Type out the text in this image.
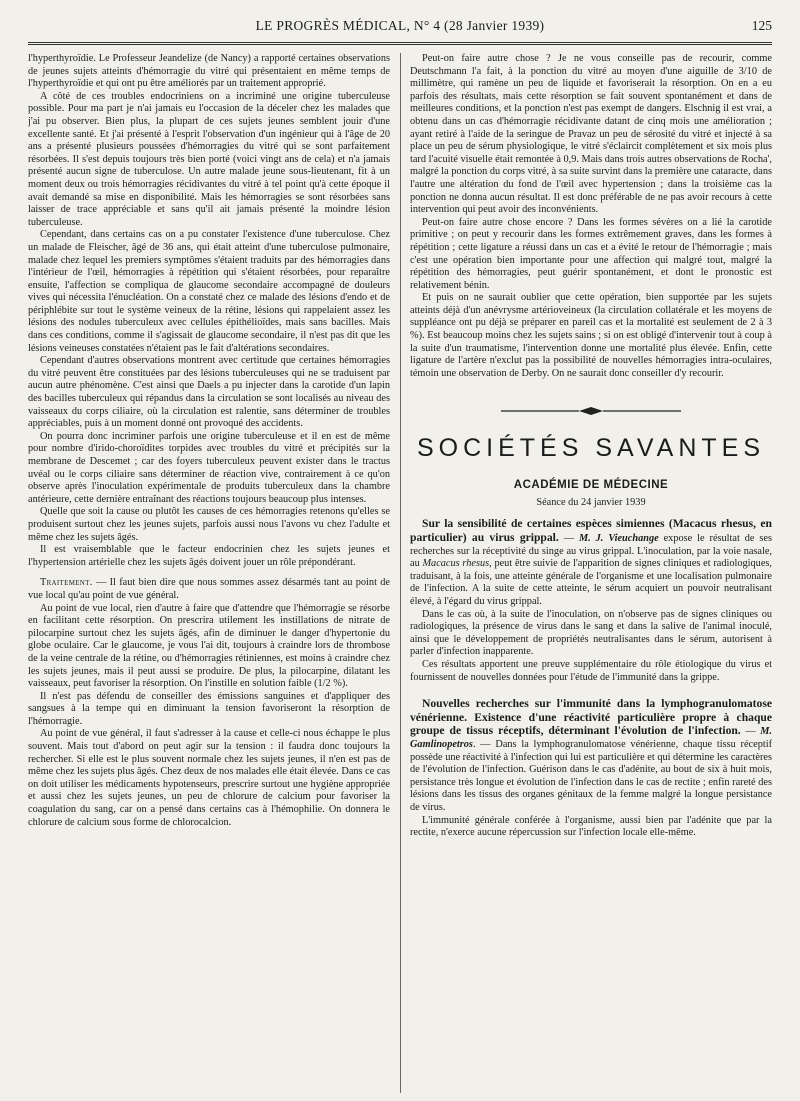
LE PROGRÈS MÉDICAL, N° 4 (28 Janvier 1939)	125

l'hyperthyroïdie. Le Professeur Jeandelize (de Nancy) a rapporté certaines observations de jeunes sujets atteints d'hémorragie du vitré qui présentaient en même temps de l'hyperthyroïdie et qui ont pu être améliorés par un traitement approprié.

A côté de ces troubles endocriniens on a incriminé une origine tuberculeuse possible. Pour ma part je n'ai jamais eu l'occasion de la déceler chez les malades que j'ai pu observer. Bien plus, la plupart de ces sujets jeunes semblent jouir d'une excellente santé. Et j'ai présenté à l'esprit l'observation d'un ingénieur qui à l'âge de 20 ans a présenté plusieurs poussées d'hémorragies du vitré qui se sont parfaitement résorbées. Il s'est depuis toujours très bien porté (voici vingt ans de cela) et n'a jamais présenté aucun signe de tuberculose. Un autre malade jeune sous-lieutenant, fit à un moment deux ou trois hémorragies récidivantes du vitré à tel point qu'à cette époque il avait demandé sa mise en disponibilité. Mais les hémorragies se sont résorbées sans laisser de trace appréciable et sans qu'il ait jamais présenté la moindre lésion tuberculeuse.

Cependant, dans certains cas on a pu constater l'existence d'une tuberculose. Chez un malade de Fleischer, âgé de 36 ans, qui était atteint d'une tuberculose pulmonaire, malade chez lequel les premiers symptômes s'étaient traduits par des hémorragies dans l'intérieur de l'œil, hémorragies à répétition qui s'étaient résorbées, pour reparaître ensuite, l'affection se compliqua de glaucome secondaire accompagné de douleurs vives qui nécessita l'énucléation. On a constaté chez ce malade des lésions d'endo et de périphlébite sur tout le système veineux de la rétine, lésions qui rappelaient assez les lésions des nodules tuberculeux avec cellules épithélioïdes, mais sans bacilles. Mais dans ces conditions, comme il s'agissait de glaucome secondaire, il n'est pas dit que les lésions veineuses constatées n'étaient pas le fait d'altérations secondaires.

Cependant d'autres observations montrent avec certitude que certaines hémorragies du vitré peuvent être constituées par des lésions tuberculeuses qui ne se traduisent par aucun autre phénomène. C'est ainsi que Daels a pu injecter dans la carotide d'un lapin des bacilles tuberculeux qui répandus dans la circulation se sont localisés au niveau des vaisseaux du corps ciliaire, où la circulation est ralentie, sans déterminer de troubles appréciables, puis à un moment donné ont provoqué des accidents.

On pourra donc incriminer parfois une origine tuberculeuse et il en est de même pour nombre d'irido-choroïdites torpides avec troubles du vitré et précipités sur la membrane de Descemet ; car des foyers tuberculeux peuvent exister dans le tractus uvéal ou le corps ciliaire sans déterminer de réaction vive, contrairement à ce qu'on observe après l'inoculation expérimentale de produits tuberculeux dans la chambre antérieure, cette dernière entraînant des réactions toujours beaucoup plus intenses.

Quelle que soit la cause ou plutôt les causes de ces hémorragies retenons qu'elles se produisent surtout chez les jeunes sujets, parfois aussi nous l'avons vu chez l'adulte et même chez les sujets âgés.

Il est vraisemblable que le facteur endocrinien chez les sujets jeunes et l'hypertension artérielle chez les sujets âgés doivent jouer un rôle prépondérant.

Traitement. — Il faut bien dire que nous sommes assez désarmés tant au point de vue local qu'au point de vue général.

Au point de vue local, rien d'autre à faire que d'attendre que l'hémorragie se résorbe en facilitant cette résorption. On prescrira utilement les instillations de nitrate de pilocarpine surtout chez les sujets âgés, afin de diminuer le danger d'hypertonie du globe oculaire. Car le glaucome, je vous l'ai dit, toujours à craindre lors de thrombose de la veine centrale de la rétine, ou d'hémorragies rétiniennes, est moins à craindre chez les sujets jeunes, mais il peut aussi se produire. De plus, la pilocarpine, dilatant les vaisseaux, peut favoriser la résorption. On l'instille en solution faible (1/2 %).

Il n'est pas défendu de conseiller des émissions sanguines et d'appliquer des sangsues à la tempe qui en diminuant la tension favoriseront la résorption de l'hémorragie.

Au point de vue général, il faut s'adresser à la cause et celle-ci nous échappe le plus souvent. Mais tout d'abord on peut agir sur la tension : il faudra donc toujours la rechercher. Si elle est le plus souvent normale chez les sujets jeunes, il n'en est pas de même chez les sujets plus âgés. Chez deux de nos malades elle était élevée. Dans ce cas on doit utiliser les médicaments hypotenseurs, prescrire surtout une hygiène appropriée et aussi chez les sujets jeunes, un peu de chlorure de calcium pour favoriser la coagulation du sang, car on a pensé dans certains cas à l'hémophilie. On donnera le chlorure de calcium sous forme de chlorocalcion.

Peut-on faire autre chose ? Je ne vous conseille pas de recourir, comme Deutschmann l'a fait, à la ponction du vitré au moyen d'une aiguille de 3/10 de millimètre, qui ramène un peu de liquide et favoriserait la résorption. On en a eu parfois des résultats, mais cette résorption se fait souvent spontanément et dans de meilleures conditions, et la ponction n'est pas exempt de dangers. Elschnig il est vrai, a obtenu dans un cas d'hémorragie récidivante datant de cinq mois une amélioration ; ayant retiré à l'aide de la seringue de Pravaz un peu de sérosité du vitré et injecté à sa place un peu de sérum physiologique, le vitré s'éclaircit complètement et six mois plus tard l'acuité visuelle était remontée à 0,9. Mais dans trois autres observations de Rocha', malgré la ponction du corps vitré, à sa suite survint dans la première une cataracte, dans l'autre une altération du fond de l'œil avec hypertension ; dans la troisième cas la ponction ne donna aucun résultat. Il est donc préférable de ne pas avoir recours à cette intervention qui peut avoir des inconvénients.

Peut-on faire autre chose encore ? Dans les formes sévères on a lié la carotide primitive ; on peut y recourir dans les formes extrêmement graves, dans les formes à répétition ; cette ligature a réussi dans un cas et a évité le retour de l'hémorragie ; mais c'est une opération bien importante pour une affection qui malgré tout, malgré la répétition des hémorragies, peut guérir spontanément, et dont le pronostic est relativement bénin.

Et puis on ne saurait oublier que cette opération, bien supportée par les sujets atteints déjà d'un anévrysme artérioveineux (la circulation collatérale et les moyens de suppléance ont pu déjà se préparer en pareil cas et la mortalité est seulement de 2 à 3 %). Est beaucoup moins chez les sujets sains ; si on est obligé d'intervenir tout à coup à la suite d'un traumatisme, l'intervention donne une mortalité plus élevée. Enfin, cette ligature de l'artère n'exclut pas la possibilité de nouvelles hémorragies intra-oculaires, témoin une observation de Derby. On ne saurait donc conseiller d'y recourir.

SOCIÉTÉS SAVANTES
ACADÉMIE DE MÉDECINE
Séance du 24 janvier 1939

Sur la sensibilité de certaines espèces simiennes (Macacus rhesus, en particulier) au virus grippal. — M. J. Vieuchange expose le résultat de ses recherches sur la réceptivité du singe au virus grippal. L'inoculation, par la voie nasale, au Macacus rhesus, peut être suivie de l'apparition de signes cliniques et radiologiques, traduisant, à la fois, une atteinte générale de l'organisme et une localisation pulmonaire de l'infection. A la suite de cette atteinte, le sérum acquiert un pouvoir neutralisant élevé, à l'égard du virus grippal.

Dans le cas où, à la suite de l'inoculation, on n'observe pas de signes cliniques ou radiologiques, la présence de virus dans le sang et dans la salive de l'animal inoculé, ainsi que le développement de propriétés neutralisantes dans le sérum, autorisent à parler d'infection inapparente.

Ces résultats apportent une preuve supplémentaire du rôle étiologique du virus et fournissent de nouvelles données pour l'étude de l'immunité dans la grippe.

Nouvelles recherches sur l'immunité dans la lymphogranulomatose vénérienne. Existence d'une réactivité particulière propre à chaque groupe de tissus réceptifs, déterminant l'évolution de l'infection. — M. Gamlinopetros. — Dans la lymphogranulomatose vénérienne, chaque tissu réceptif possède une réactivité à l'infection qui lui est particulière et qui détermine les caractères de l'évolution de l'infection. Guérison dans le cas d'adénite, au bout de six à huit mois, persistance très longue et évolution de l'infection dans le cas de rectite ; enfin rareté des lésions dans les tissus des organes génitaux de la femme malgré la longue persistance de virus.

L'immunité générale conférée à l'organisme, aussi bien par l'adénite que par la rectite, n'exerce aucune répercussion sur l'infection locale elle-même.
